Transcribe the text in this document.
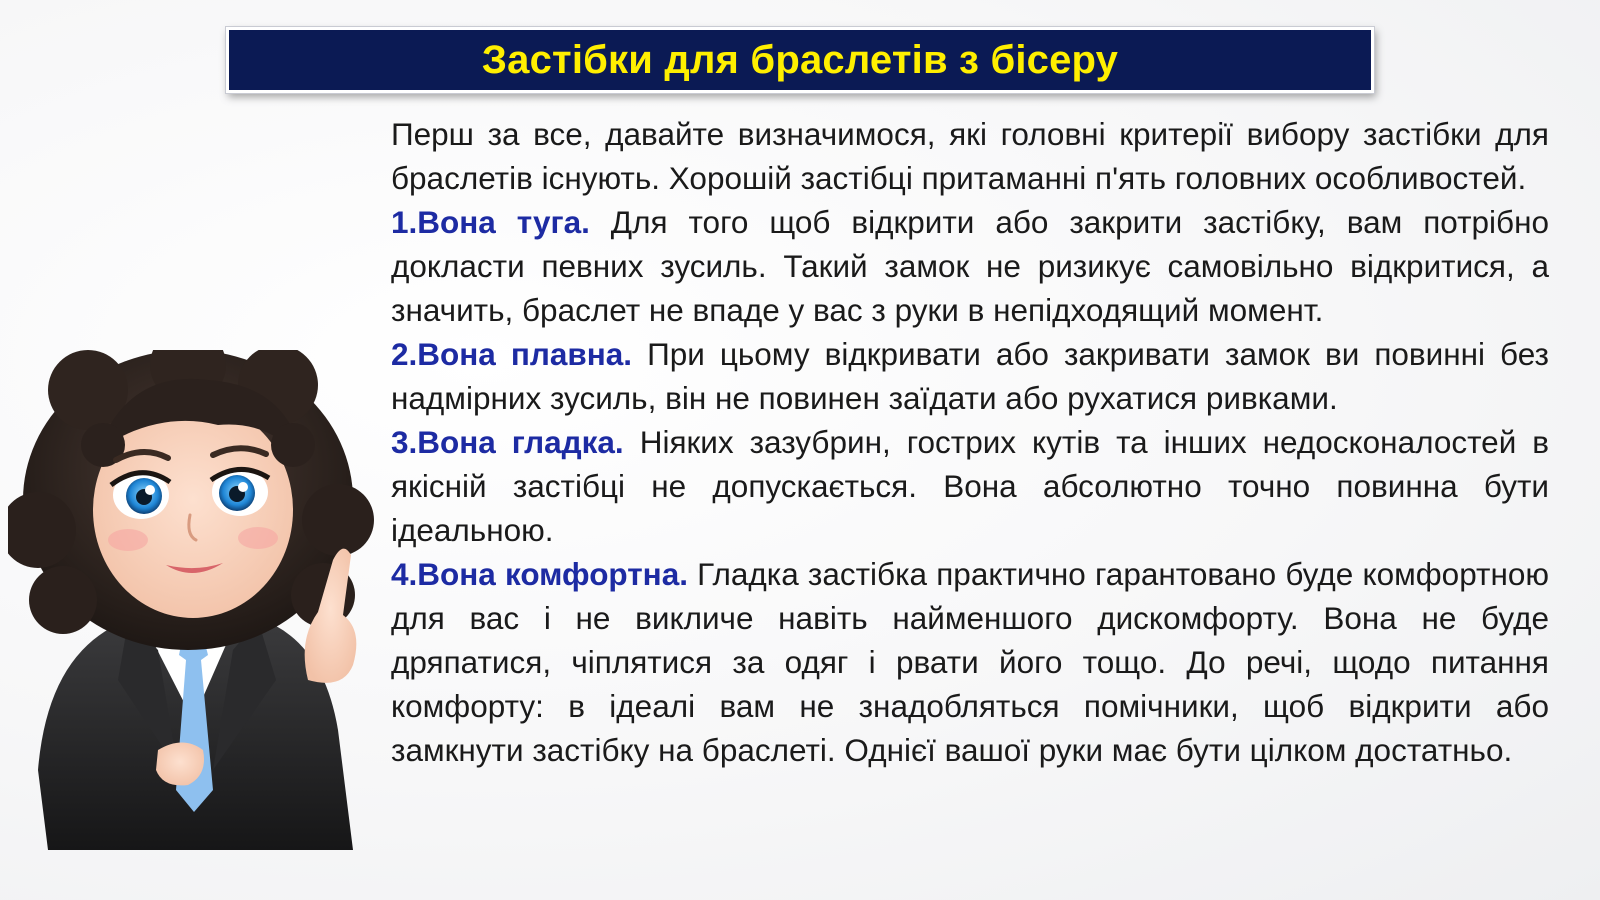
Застібки для браслетів з бісеру

Перш за все, давайте визначимося, які головні критерії вибору застібки для браслетів існують. Хорошій застібці притаманні п'ять головних особливостей.

1.Вона туга. Для того щоб відкрити або закрити застібку, вам потрібно докласти певних зусиль. Такий замок не ризикує самовільно відкритися, а значить, браслет не впаде у вас з руки в непідходящий момент.

2.Вона плавна. При цьому відкривати або закривати замок ви повинні без надмірних зусиль, він не повинен заїдати або рухатися ривками.

3.Вона гладка. Ніяких зазубрин, гострих кутів та інших недосконалостей в якісній застібці не допускається. Вона абсолютно точно повинна бути ідеальною.

4.Вона комфортна. Гладка застібка практично гарантовано буде комфортною для вас і не викличе навіть найменшого дискомфорту. Вона не буде дряпатися, чіплятися за одяг і рвати його тощо. До речі, щодо питання комфорту: в ідеалі вам не знадобляться помічники, щоб відкрити або замкнути застібку на браслеті. Однієї вашої руки має бути цілком достатньо.
